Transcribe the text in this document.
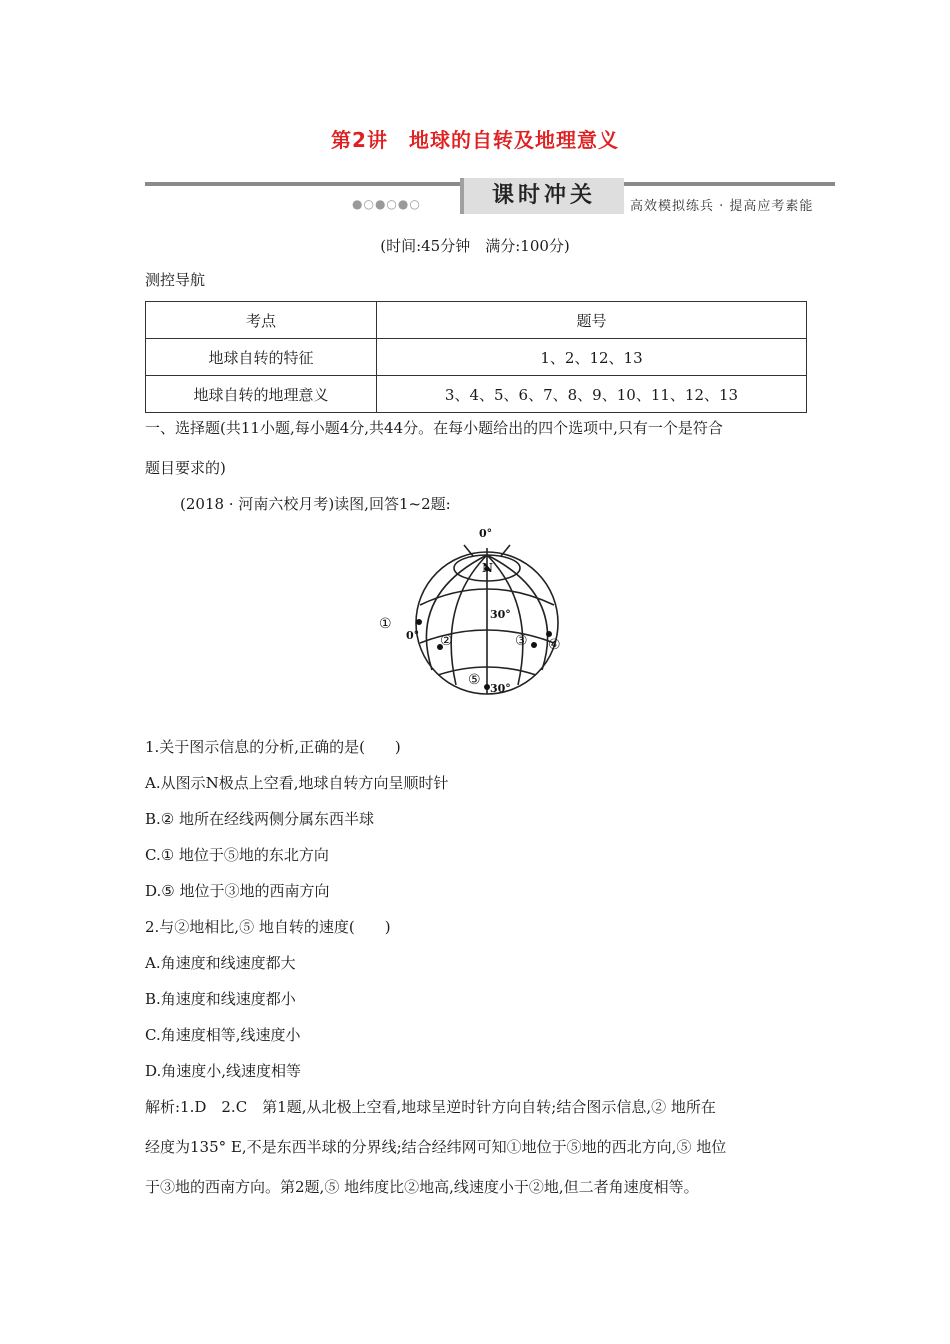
第2讲　地球的自转及地理意义
●○●○●○	课时冲关	高效模拟练兵 · 提高应考素能
(时间:45分钟　满分:100分)
测控导航
考点	题号
地球自转的特征	1、2、12、13
地球自转的地理意义	3、4、5、6、7、8、9、10、11、12、13
一、选择题(共11小题,每小题4分,共44分。在每小题给出的四个选项中,只有一个是符合
题目要求的)
(2018 · 河南六校月考)读图,回答1~2题:
0°
N
30°
0°
30°
①
②	③ ④
⑤
1.关于图示信息的分析,正确的是(　　)
A.从图示N极点上空看,地球自转方向呈顺时针
B.② 地所在经线两侧分属东西半球
C.① 地位于⑤地的东北方向
D.⑤ 地位于③地的西南方向
2.与②地相比,⑤ 地自转的速度(　　)
A.角速度和线速度都大
B.角速度和线速度都小
C.角速度相等,线速度小
D.角速度小,线速度相等
解析:1.D　2.C　第1题,从北极上空看,地球呈逆时针方向自转;结合图示信息,② 地所在
经度为135° E,不是东西半球的分界线;结合经纬网可知①地位于⑤地的西北方向,⑤ 地位
于③地的西南方向。第2题,⑤ 地纬度比②地高,线速度小于②地,但二者角速度相等。
